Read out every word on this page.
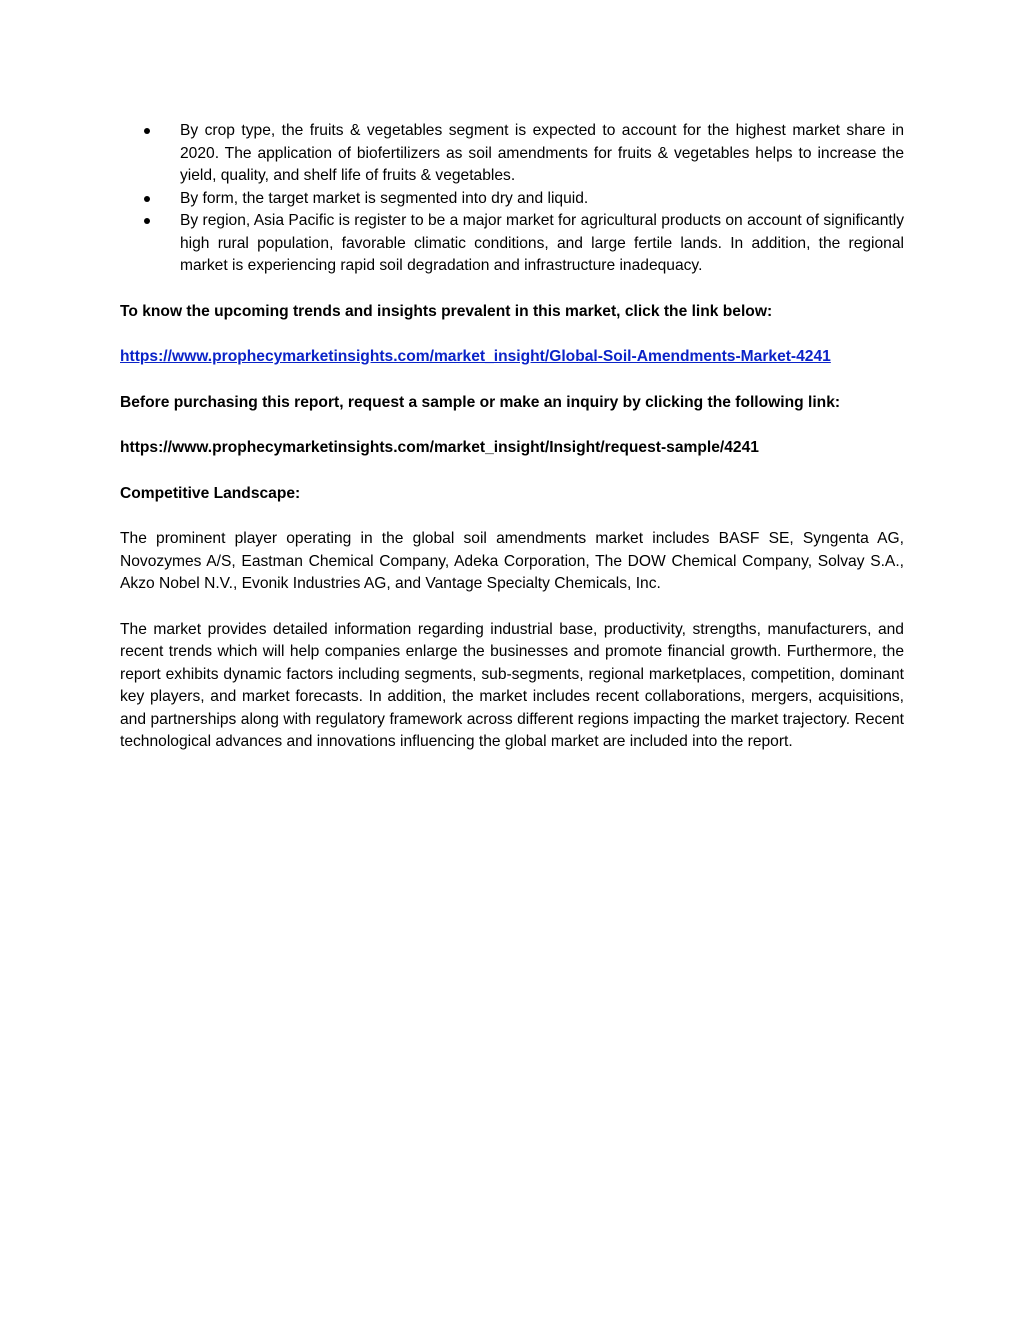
By crop type, the fruits & vegetables segment is expected to account for the highest market share in 2020. The application of biofertilizers as soil amendments for fruits & vegetables helps to increase the yield, quality, and shelf life of fruits & vegetables.
By form, the target market is segmented into dry and liquid.
By region, Asia Pacific is register to be a major market for agricultural products on account of significantly high rural population, favorable climatic conditions, and large fertile lands. In addition, the regional market is experiencing rapid soil degradation and infrastructure inadequacy.

To know the upcoming trends and insights prevalent in this market, click the link below:

https://www.prophecymarketinsights.com/market_insight/Global-Soil-Amendments-Market-4241

Before purchasing this report, request a sample or make an inquiry by clicking the following link:

https://www.prophecymarketinsights.com/market_insight/Insight/request-sample/4241

Competitive Landscape:

The prominent player operating in the global soil amendments market includes BASF SE, Syngenta AG, Novozymes A/S, Eastman Chemical Company, Adeka Corporation, The DOW Chemical Company, Solvay S.A., Akzo Nobel N.V., Evonik Industries AG, and Vantage Specialty Chemicals, Inc.

The market provides detailed information regarding industrial base, productivity, strengths, manufacturers, and recent trends which will help companies enlarge the businesses and promote financial growth. Furthermore, the report exhibits dynamic factors including segments, sub-segments, regional marketplaces, competition, dominant key players, and market forecasts. In addition, the market includes recent collaborations, mergers, acquisitions, and partnerships along with regulatory framework across different regions impacting the market trajectory. Recent technological advances and innovations influencing the global market are included into the report.
